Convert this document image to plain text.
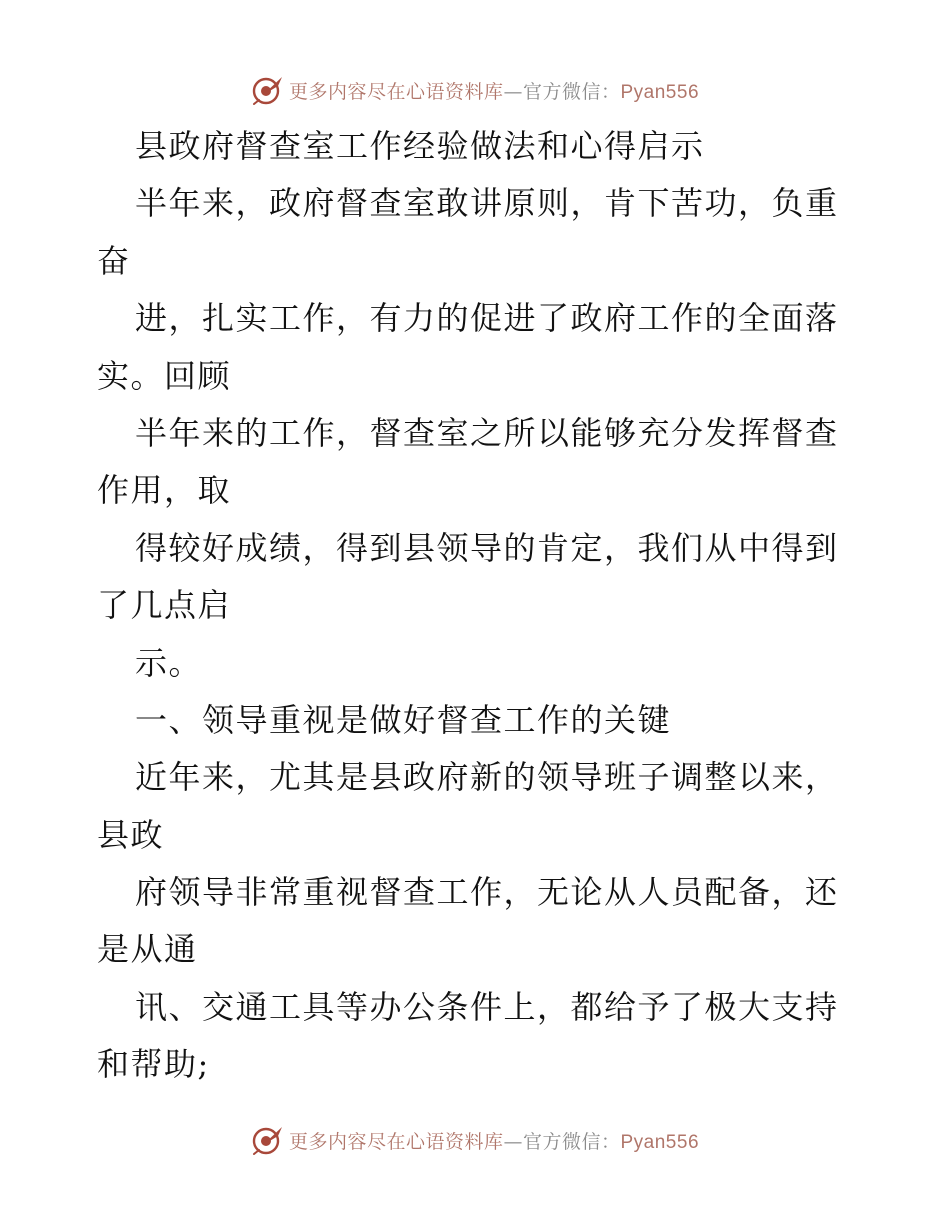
更多内容尽在心语资料库—官方微信：Pyan556
县政府督查室工作经验做法和心得启示
半年来，政府督查室敢讲原则，肯下苦功，负重
奋
进，扎实工作，有力的促进了政府工作的全面落
实。回顾
半年来的工作，督查室之所以能够充分发挥督查
作用，取
得较好成绩，得到县领导的肯定，我们从中得到
了几点启
示。
一、领导重视是做好督查工作的关键
近年来，尤其是县政府新的领导班子调整以来，
县政
府领导非常重视督查工作，无论从人员配备，还
是从通
讯、交通工具等办公条件上，都给予了极大支持
和帮助;
更多内容尽在心语资料库—官方微信：Pyan556
